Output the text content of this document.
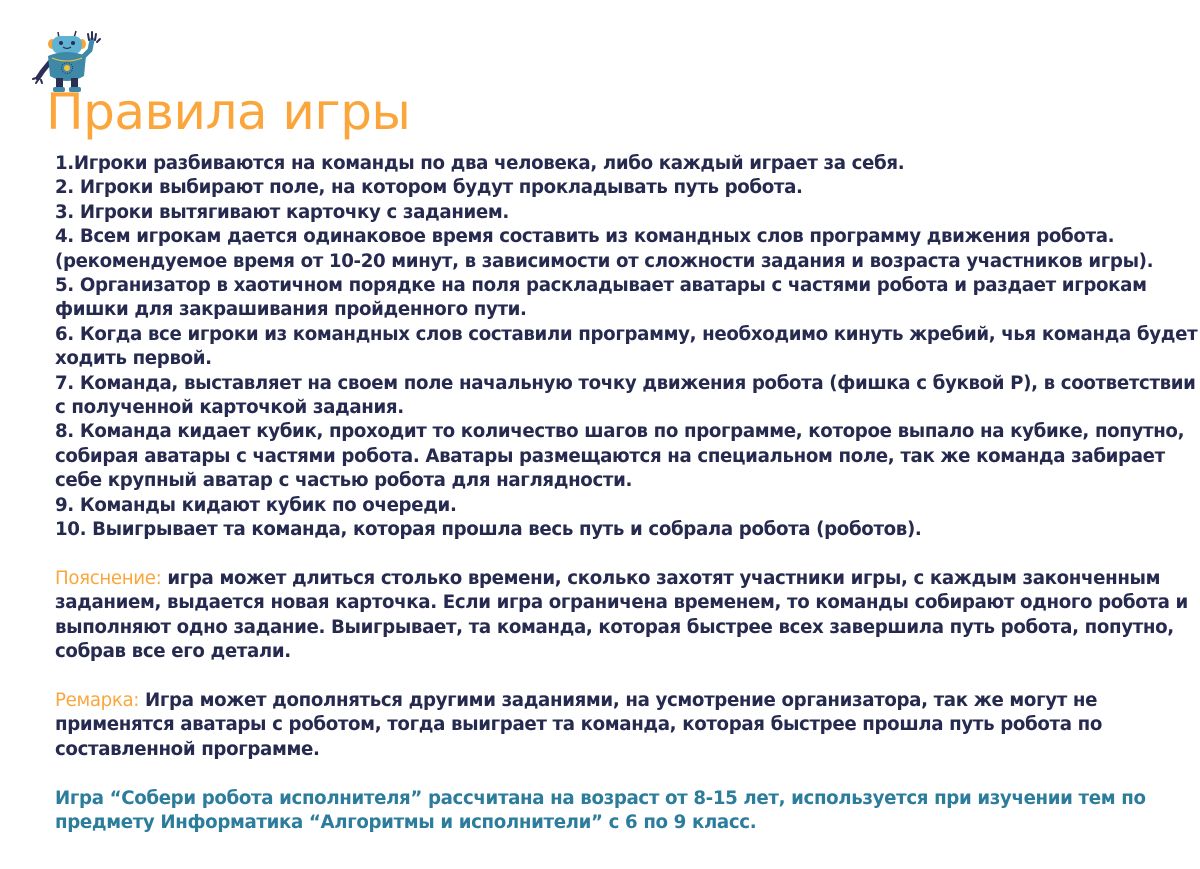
Правила игры

1.Игроки разбиваются на команды по два человека, либо каждый играет за себя.

2. Игроки выбирают поле, на котором будут прокладывать путь робота.

3. Игроки вытягивают карточку с заданием.

4. Всем игрокам дается одинаковое время составить из командных слов программу движения робота.

(рекомендуемое время от 10-20 минут, в зависимости от сложности задания и возраста участников игры).

5. Организатор в хаотичном порядке на поля раскладывает аватары с частями робота и раздает игрокам

фишки для закрашивания пройденного пути.

6. Когда все игроки из командных слов составили программу, необходимо кинуть жребий, чья команда будет

ходить первой.

7. Команда, выставляет на своем поле начальную точку движения робота (фишка с буквой Р), в соответствии

с полученной карточкой задания.

8. Команда кидает кубик, проходит то количество шагов по программе, которое выпало на кубике, попутно,

собирая аватары с частями робота. Аватары размещаются на специальном поле, так же команда забирает

себе крупный аватар с частью робота для наглядности.

9. Команды кидают кубик по очереди.

10. Выигрывает та команда, которая прошла весь путь и собрала робота (роботов).

Пояснение: игра может длиться столько времени, сколько захотят участники игры, с каждым законченным

заданием, выдается новая карточка. Если игра ограничена временем, то команды собирают одного робота и

выполняют одно задание. Выигрывает, та команда, которая быстрее всех завершила путь робота, попутно,

собрав все его детали.

Ремарка: Игра может дополняться другими заданиями, на усмотрение организатора, так же могут не

применятся аватары с роботом, тогда выиграет та команда, которая быстрее прошла путь робота по

составленной программе.

Игра “Собери робота исполнителя” рассчитана на возраст от 8-15 лет, используется при изучении тем по

предмету Информатика “Алгоритмы и исполнители” с 6 по 9 класс.
